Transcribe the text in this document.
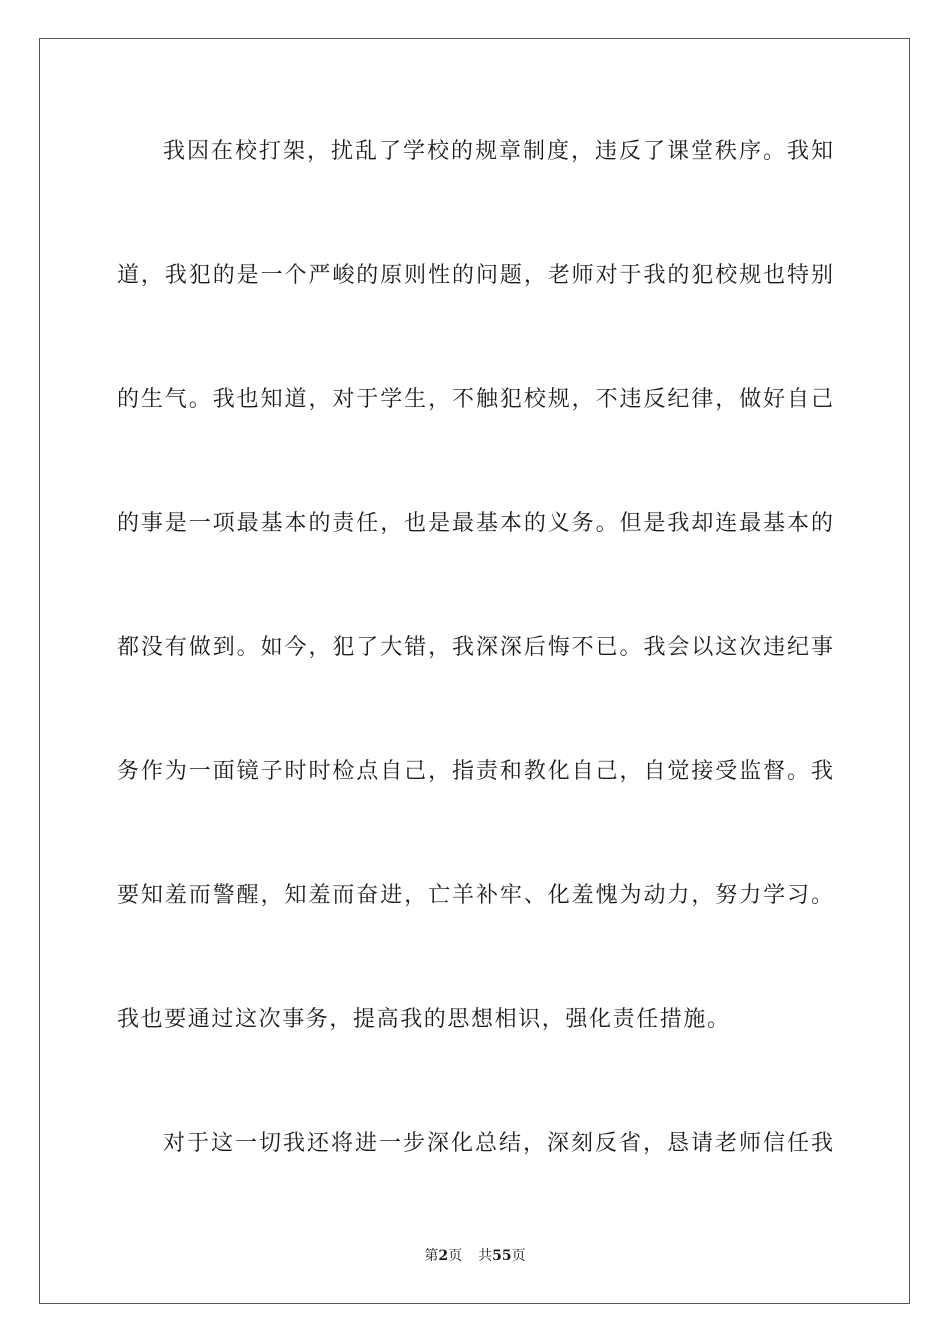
我因在校打架，扰乱了学校的规章制度，违反了课堂秩序。我知
道，我犯的是一个严峻的原则性的问题，老师对于我的犯校规也特别
的生气。我也知道，对于学生，不触犯校规，不违反纪律，做好自己
的事是一项最基本的责任，也是最基本的义务。但是我却连最基本的
都没有做到。如今，犯了大错，我深深后悔不已。我会以这次违纪事
务作为一面镜子时时检点自己，指责和教化自己，自觉接受监督。我
要知羞而警醒，知羞而奋进，亡羊补牢、化羞愧为动力，努力学习。
我也要通过这次事务，提高我的思想相识，强化责任措施。
对于这一切我还将进一步深化总结，深刻反省，恳请老师信任我
第2页 共55页
